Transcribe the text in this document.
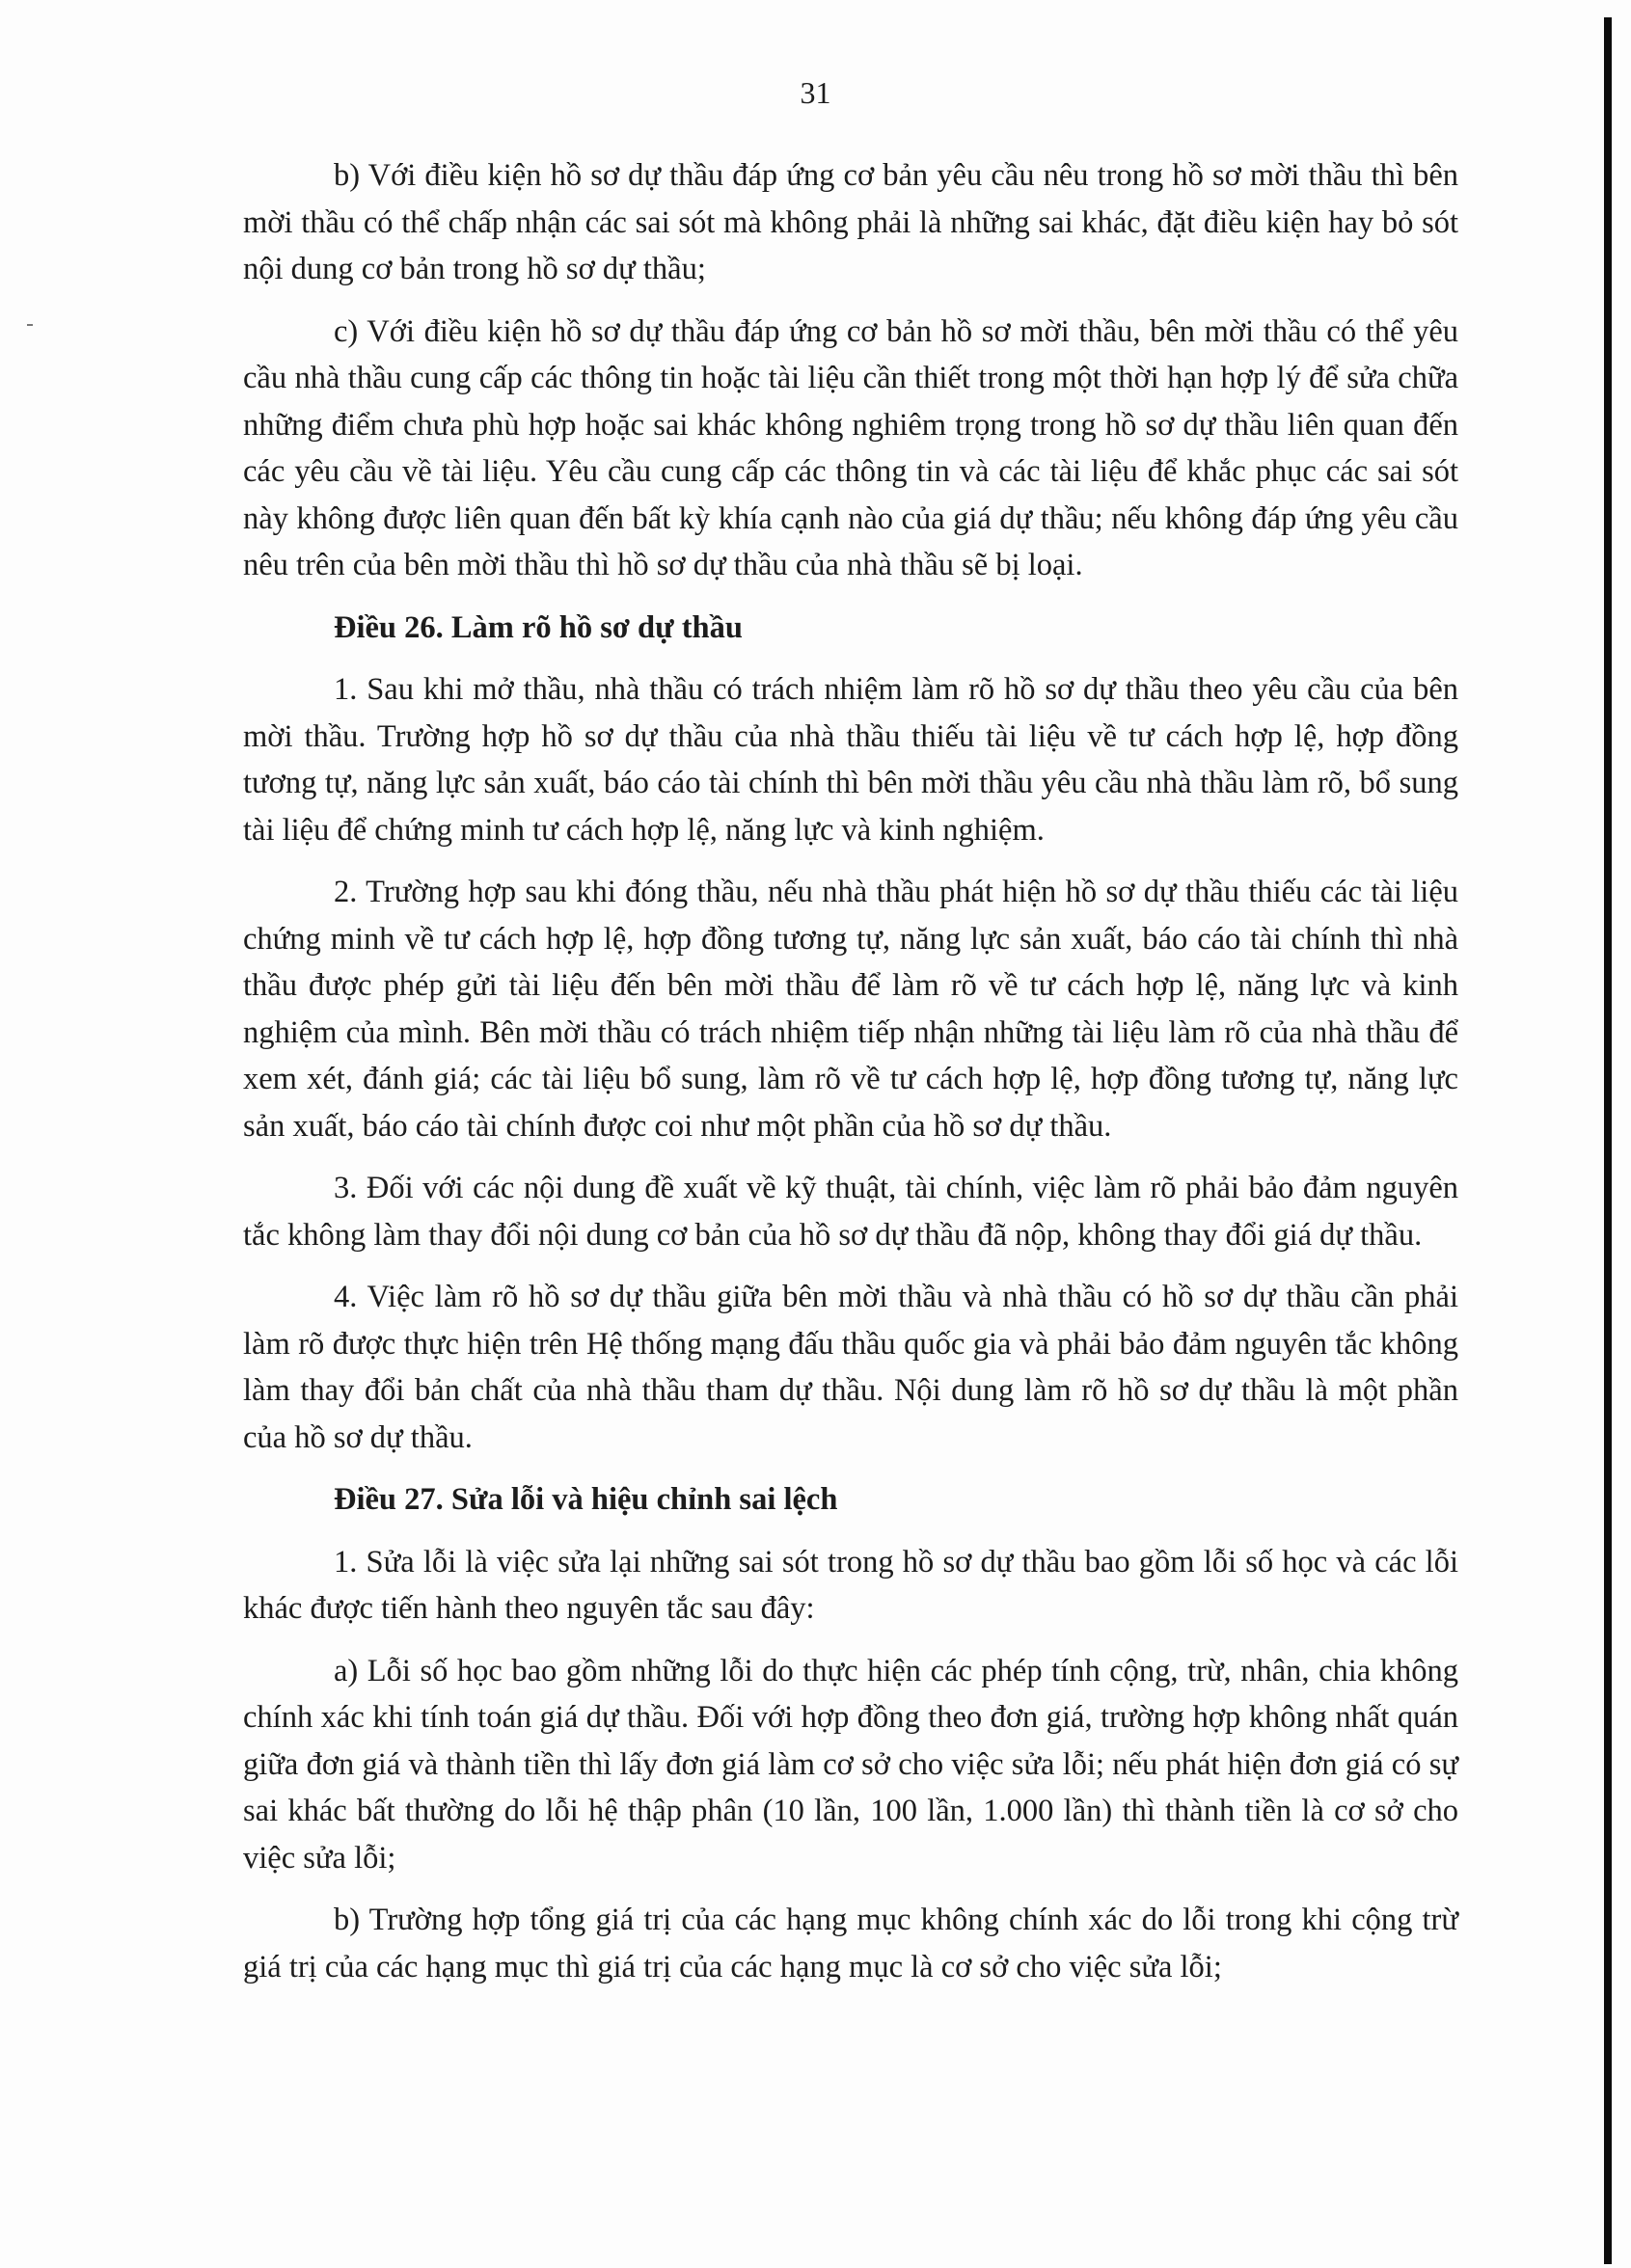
31

b) Với điều kiện hồ sơ dự thầu đáp ứng cơ bản yêu cầu nêu trong hồ sơ mời thầu thì bên mời thầu có thể chấp nhận các sai sót mà không phải là những sai khác, đặt điều kiện hay bỏ sót nội dung cơ bản trong hồ sơ dự thầu;

c) Với điều kiện hồ sơ dự thầu đáp ứng cơ bản hồ sơ mời thầu, bên mời thầu có thể yêu cầu nhà thầu cung cấp các thông tin hoặc tài liệu cần thiết trong một thời hạn hợp lý để sửa chữa những điểm chưa phù hợp hoặc sai khác không nghiêm trọng trong hồ sơ dự thầu liên quan đến các yêu cầu về tài liệu. Yêu cầu cung cấp các thông tin và các tài liệu để khắc phục các sai sót này không được liên quan đến bất kỳ khía cạnh nào của giá dự thầu; nếu không đáp ứng yêu cầu nêu trên của bên mời thầu thì hồ sơ dự thầu của nhà thầu sẽ bị loại.

Điều 26. Làm rõ hồ sơ dự thầu

1. Sau khi mở thầu, nhà thầu có trách nhiệm làm rõ hồ sơ dự thầu theo yêu cầu của bên mời thầu. Trường hợp hồ sơ dự thầu của nhà thầu thiếu tài liệu về tư cách hợp lệ, hợp đồng tương tự, năng lực sản xuất, báo cáo tài chính thì bên mời thầu yêu cầu nhà thầu làm rõ, bổ sung tài liệu để chứng minh tư cách hợp lệ, năng lực và kinh nghiệm.

2. Trường hợp sau khi đóng thầu, nếu nhà thầu phát hiện hồ sơ dự thầu thiếu các tài liệu chứng minh về tư cách hợp lệ, hợp đồng tương tự, năng lực sản xuất, báo cáo tài chính thì nhà thầu được phép gửi tài liệu đến bên mời thầu để làm rõ về tư cách hợp lệ, năng lực và kinh nghiệm của mình. Bên mời thầu có trách nhiệm tiếp nhận những tài liệu làm rõ của nhà thầu để xem xét, đánh giá; các tài liệu bổ sung, làm rõ về tư cách hợp lệ, hợp đồng tương tự, năng lực sản xuất, báo cáo tài chính được coi như một phần của hồ sơ dự thầu.

3. Đối với các nội dung đề xuất về kỹ thuật, tài chính, việc làm rõ phải bảo đảm nguyên tắc không làm thay đổi nội dung cơ bản của hồ sơ dự thầu đã nộp, không thay đổi giá dự thầu.

4. Việc làm rõ hồ sơ dự thầu giữa bên mời thầu và nhà thầu có hồ sơ dự thầu cần phải làm rõ được thực hiện trên Hệ thống mạng đấu thầu quốc gia và phải bảo đảm nguyên tắc không làm thay đổi bản chất của nhà thầu tham dự thầu. Nội dung làm rõ hồ sơ dự thầu là một phần của hồ sơ dự thầu.

Điều 27. Sửa lỗi và hiệu chỉnh sai lệch

1. Sửa lỗi là việc sửa lại những sai sót trong hồ sơ dự thầu bao gồm lỗi số học và các lỗi khác được tiến hành theo nguyên tắc sau đây:

a) Lỗi số học bao gồm những lỗi do thực hiện các phép tính cộng, trừ, nhân, chia không chính xác khi tính toán giá dự thầu. Đối với hợp đồng theo đơn giá, trường hợp không nhất quán giữa đơn giá và thành tiền thì lấy đơn giá làm cơ sở cho việc sửa lỗi; nếu phát hiện đơn giá có sự sai khác bất thường do lỗi hệ thập phân (10 lần, 100 lần, 1.000 lần) thì thành tiền là cơ sở cho việc sửa lỗi;

b) Trường hợp tổng giá trị của các hạng mục không chính xác do lỗi trong khi cộng trừ giá trị của các hạng mục thì giá trị của các hạng mục là cơ sở cho việc sửa lỗi;
